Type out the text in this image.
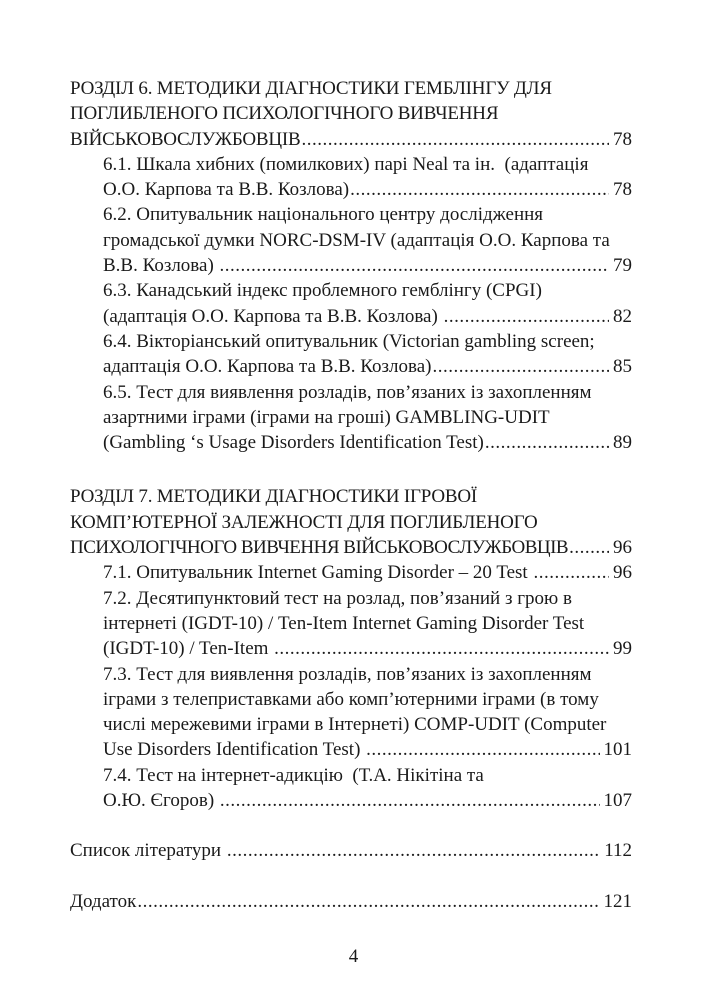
РОЗДІЛ 6. МЕТОДИКИ ДІАГНОСТИКИ ГЕМБЛІНГУ ДЛЯ
ПОГЛИБЛЕНОГО ПСИХОЛОГІЧНОГО ВИВЧЕННЯ
ВІЙСЬКОВОСЛУЖБОВЦІВ .....	78
6.1. Шкала хибних (помилкових) парі Neal та ін.  (адаптація
О.О. Карпова та В.В. Козлова) .....	78
6.2. Опитувальник національного центру дослідження
громадської думки NORC-DSM-IV (адаптація О.О. Карпова та
В.В. Козлова) .....	79
6.3. Канадський індекс проблемного гемблінгу (CPGI)
(адаптація О.О. Карпова та В.В. Козлова) .....	82
6.4. Вікторіанський опитувальник (Victorian gambling screen;
адаптація О.О. Карпова та В.В. Козлова) .....	85
6.5. Тест для виявлення розладів, пов’язаних із захопленням
азартними іграми (іграми на гроші) GAMBLING-UDIT
(Gambling ‘s Usage Disorders Identification Test) .....	89
РОЗДІЛ 7. МЕТОДИКИ ДІАГНОСТИКИ ІГРОВОЇ
КОМП’ЮТЕРНОЇ ЗАЛЕЖНОСТІ ДЛЯ ПОГЛИБЛЕНОГО
ПСИХОЛОГІЧНОГО ВИВЧЕННЯ ВІЙСЬКОВОСЛУЖБОВЦІВ ..... 96
7.1. Опитувальник Internet Gaming Disorder – 20 Test .....	96
7.2. Десятипунктовий тест на розлад, пов’язаний з грою в
інтернеті (IGDT-10) / Ten-Item Internet Gaming Disorder Test
(IGDT-10) / Ten-Item .....	99
7.3. Тест для виявлення розладів, пов’язаних із захопленням
іграми з телеприставками або комп’ютерними іграми (в тому
числі мережевими іграми в Інтернеті) COMP-UDIT (Computer
Use Disorders Identification Test) .....	101
7.4. Тест на інтернет-адикцію  (Т.А. Нікітіна та
О.Ю. Єгоров) .....	107
Список літератури .....	112
Додаток .....	121
4
